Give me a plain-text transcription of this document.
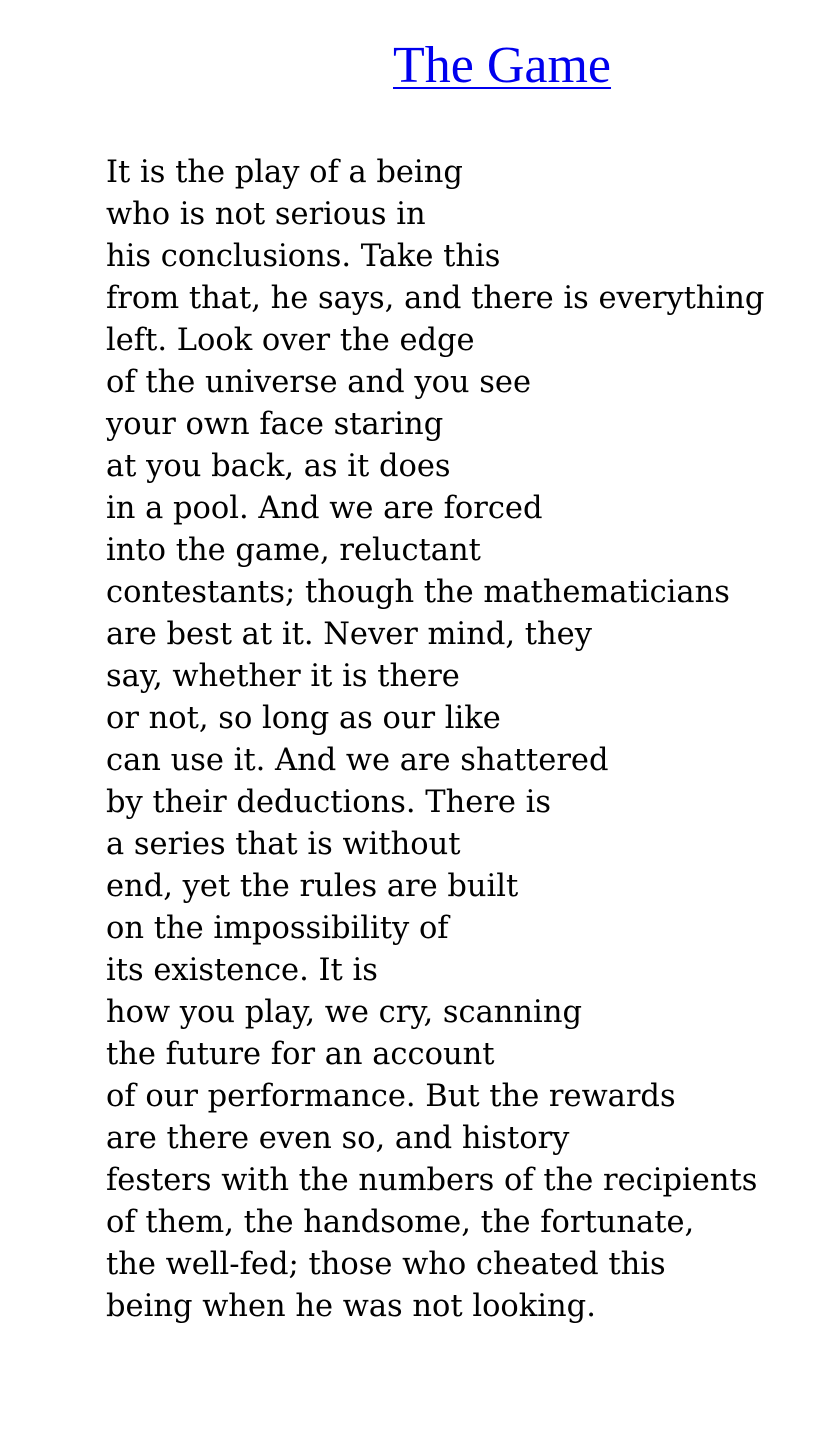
The Game
It is the play of a being
who is not serious in
his conclusions. Take this
from that, he says, and there is everything
left. Look over the edge
of the universe and you see
your own face staring
at you back, as it does
in a pool. And we are forced
into the game, reluctant
contestants; though the mathematicians
are best at it. Never mind, they
say, whether it is there
or not, so long as our like
can use it. And we are shattered
by their deductions. There is
a series that is without
end, yet the rules are built
on the impossibility of
its existence. It is
how you play, we cry, scanning
the future for an account
of our performance. But the rewards
are there even so, and history
festers with the numbers of the recipients
of them, the handsome, the fortunate,
the well-fed; those who cheated this
being when he was not looking.
